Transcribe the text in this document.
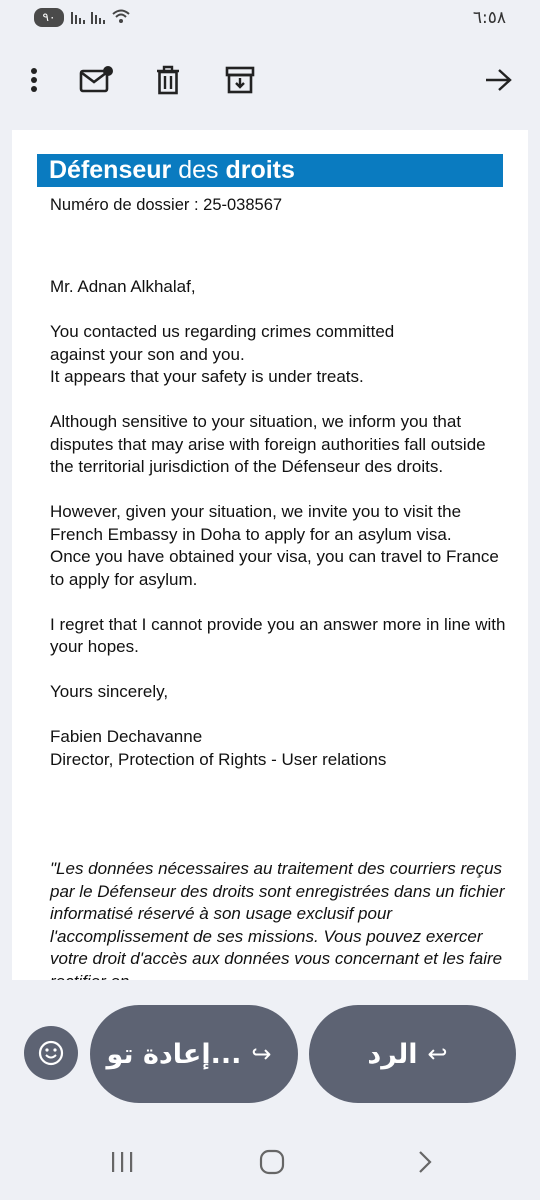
٩٠	٦:٥٨
Défenseur des droits
Numéro de dossier : 25-038567

Mr. Adnan Alkhalaf,

You contacted us regarding crimes committed
against your son and you.
It appears that your safety is under treats.

Although sensitive to your situation, we inform you that disputes that may arise with foreign authorities fall outside the territorial jurisdiction of the Défenseur des droits.

However, given your situation, we invite you to visit the French Embassy in Doha to apply for an asylum visa.
Once you have obtained your visa, you can travel to France to apply for asylum.

I regret that I cannot provide you an answer more in line with your hopes.

Yours sincerely,

Fabien Dechavanne
Director, Protection of Rights - User relations

"Les données nécessaires au traitement des courriers reçus par le Défenseur des droits sont enregistrées dans un fichier informatisé réservé à son usage exclusif pour l'accomplissement de ses missions. Vous pouvez exercer votre droit d'accès aux données vous concernant et les faire
إعادة تو... ↪	الرد ↩
